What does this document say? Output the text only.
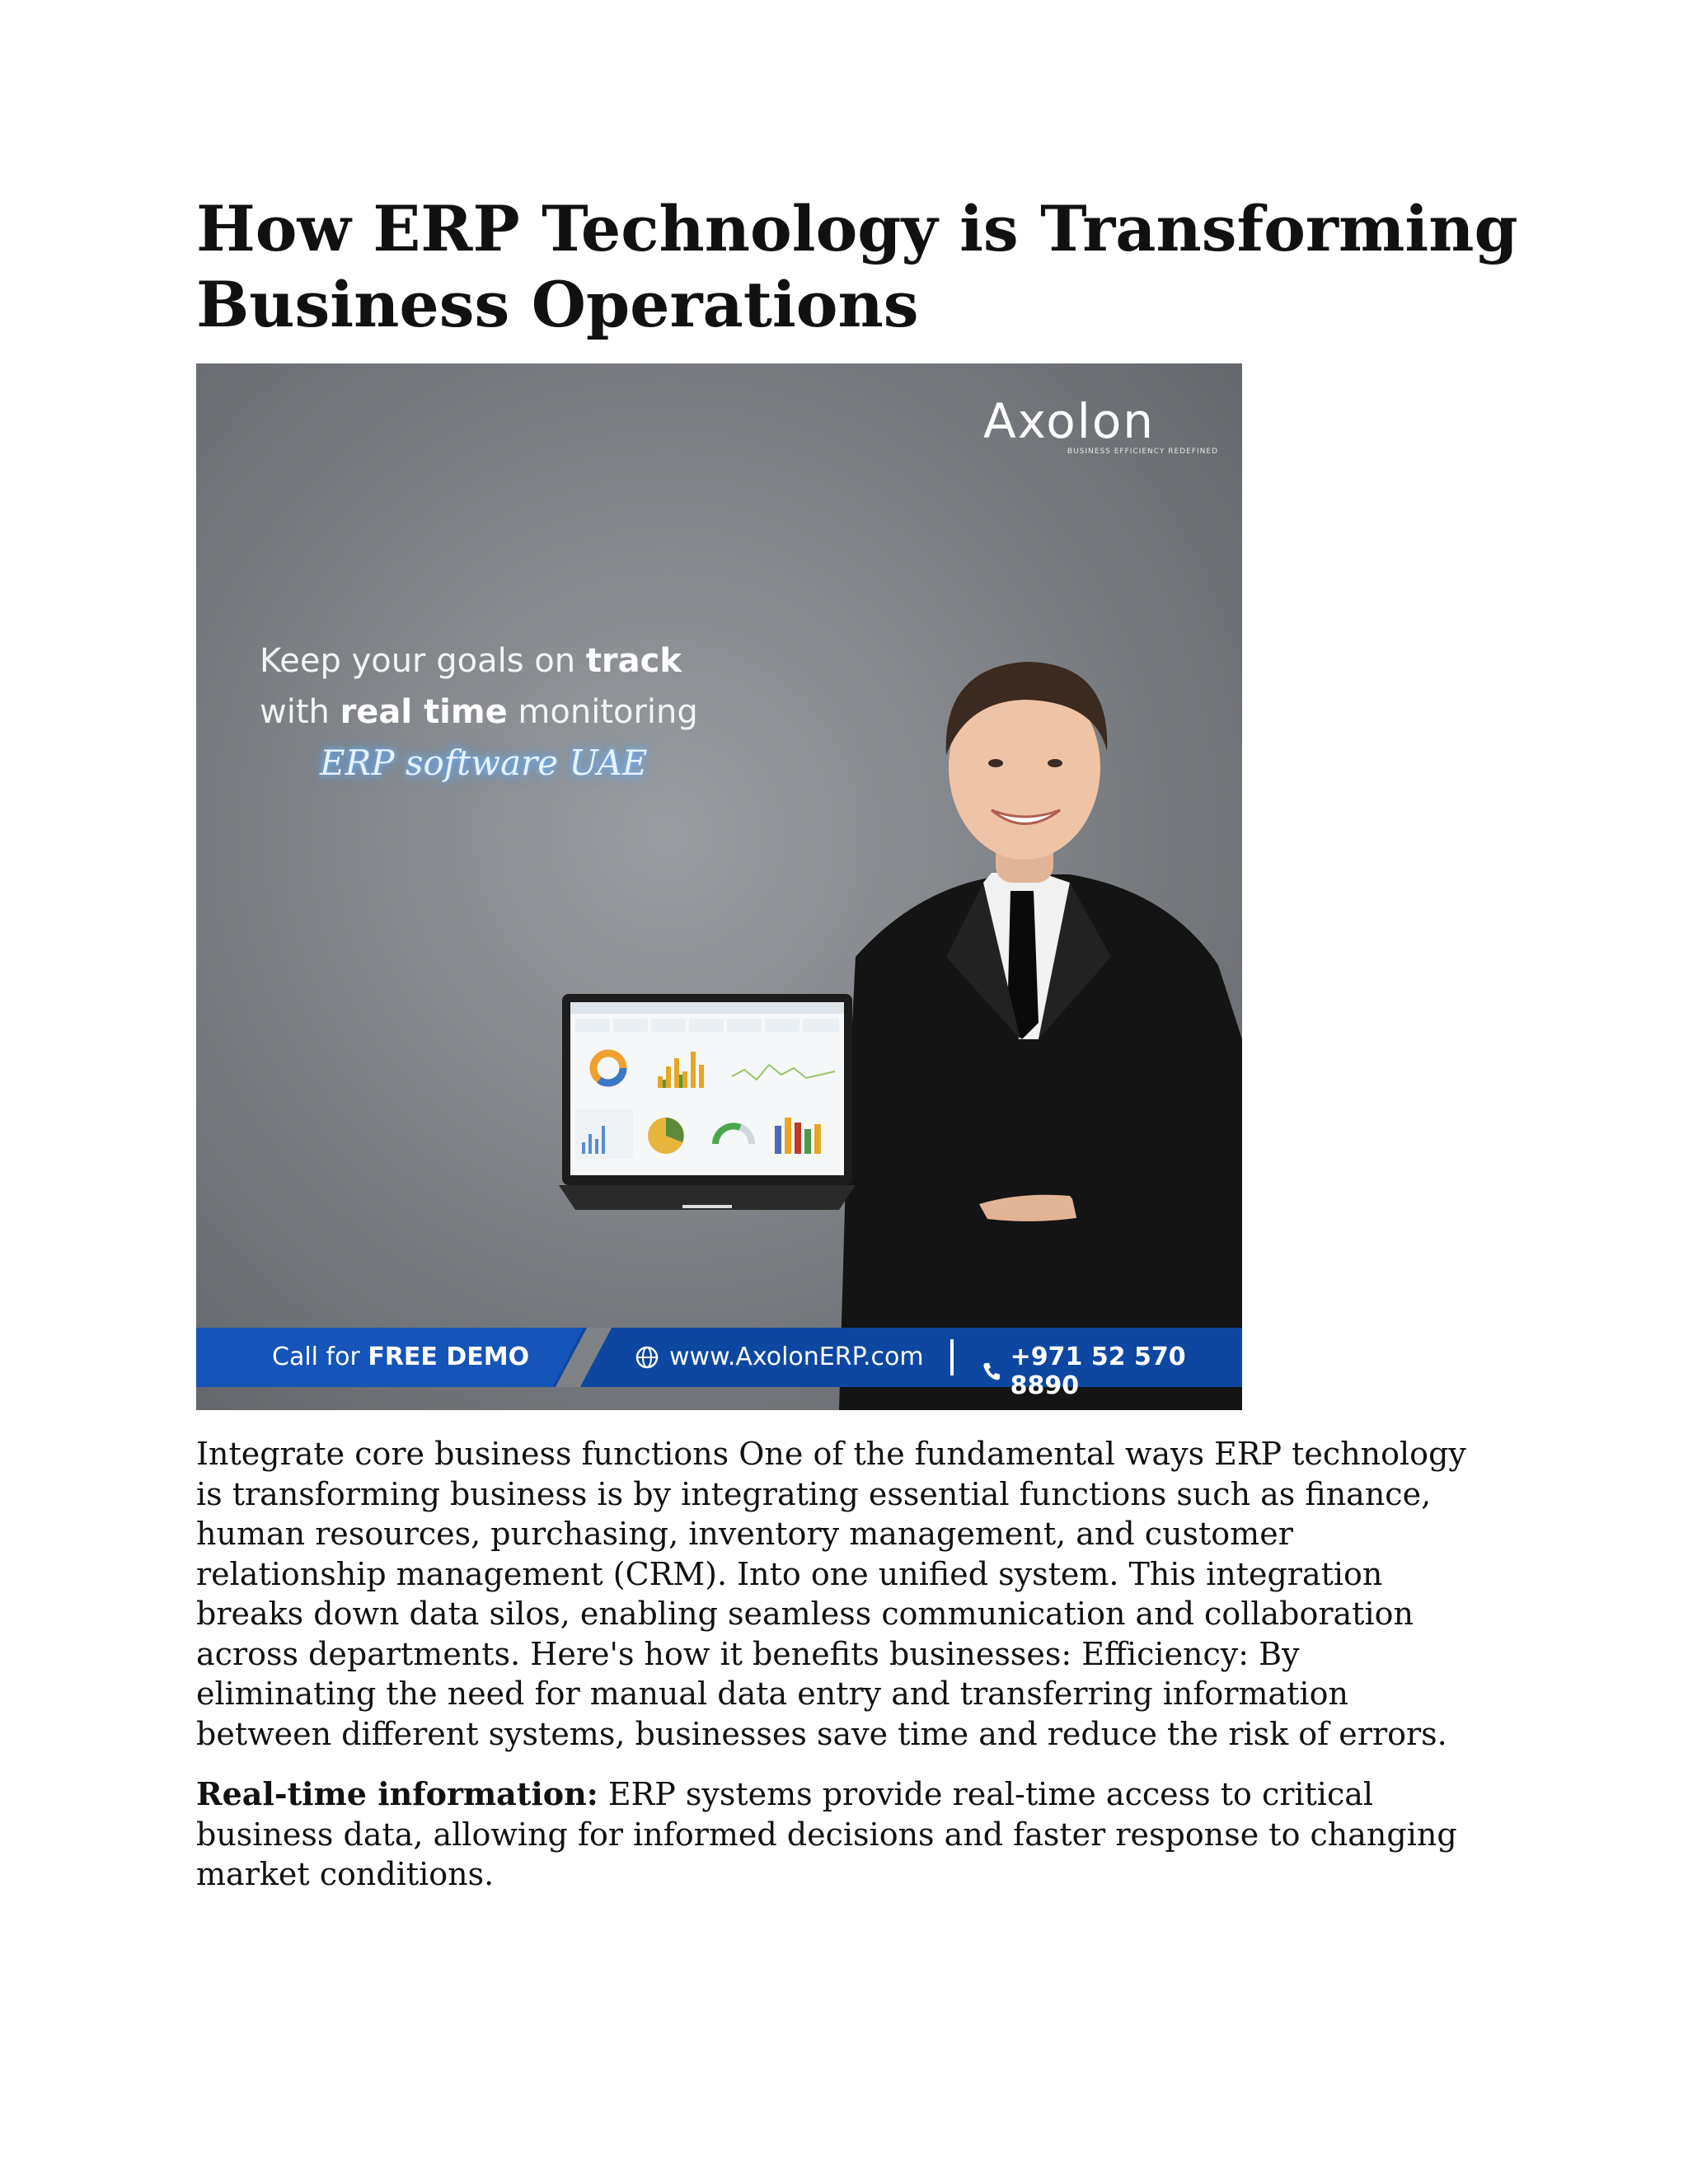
How ERP Technology is Transforming
Business Operations
Axolon
BUSINESS EFFICIENCY REDEFINED
Keep your goals on track
with real time monitoring
ERP software UAE
Call for FREE DEMO	www.AxolonERP.com	+971 52 570 8890

Integrate core business functions One of the fundamental ways ERP technology is transforming business is by integrating essential functions such as finance, human resources, purchasing, inventory management, and customer relationship management (CRM). Into one unified system. This integration breaks down data silos, enabling seamless communication and collaboration across departments. Here's how it benefits businesses: Efficiency: By eliminating the need for manual data entry and transferring information between different systems, businesses save time and reduce the risk of errors.

Real-time information: ERP systems provide real-time access to critical business data, allowing for informed decisions and faster response to changing market conditions.
